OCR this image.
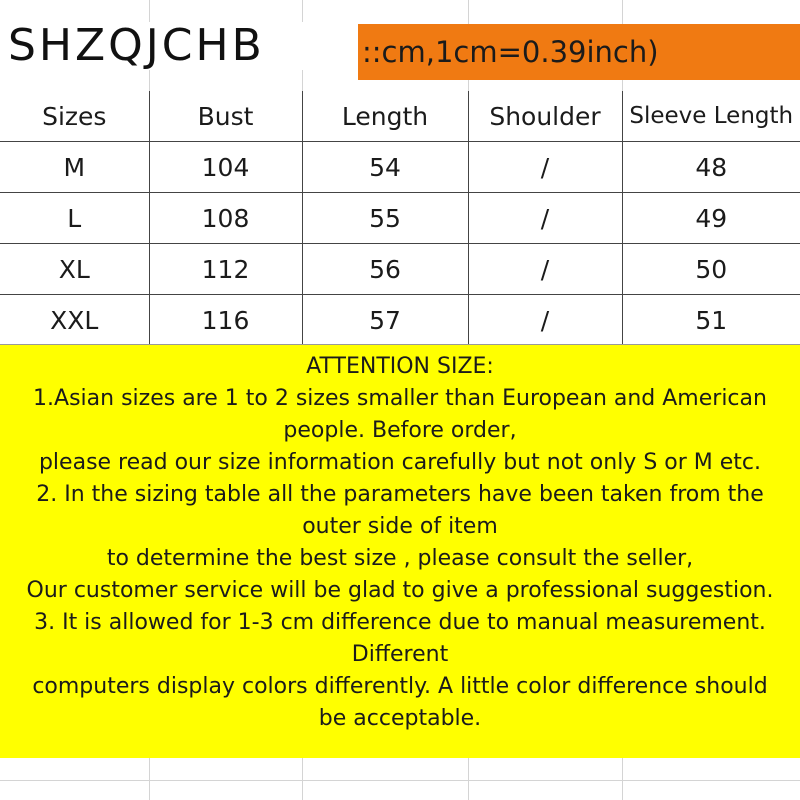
SHZQJCHB	::cm,1cm=0.39inch)
Sizes	Bust	Length	Shoulder	Sleeve Length
M	104	54	/	48
L	108	55	/	49
XL	112	56	/	50
XXL	116	57	/	51
ATTENTION SIZE:
1.Asian sizes are 1 to 2 sizes smaller than European and American
people. Before order,
please read our size information carefully but not only S or M etc.
2. In the sizing table all the parameters have been taken from the
outer side of item
to determine the best size , please consult the seller,
Our customer service will be glad to give a professional suggestion.
3. It is allowed for 1-3 cm difference due to manual measurement.
Different
computers display colors differently. A little color difference should
be acceptable.
